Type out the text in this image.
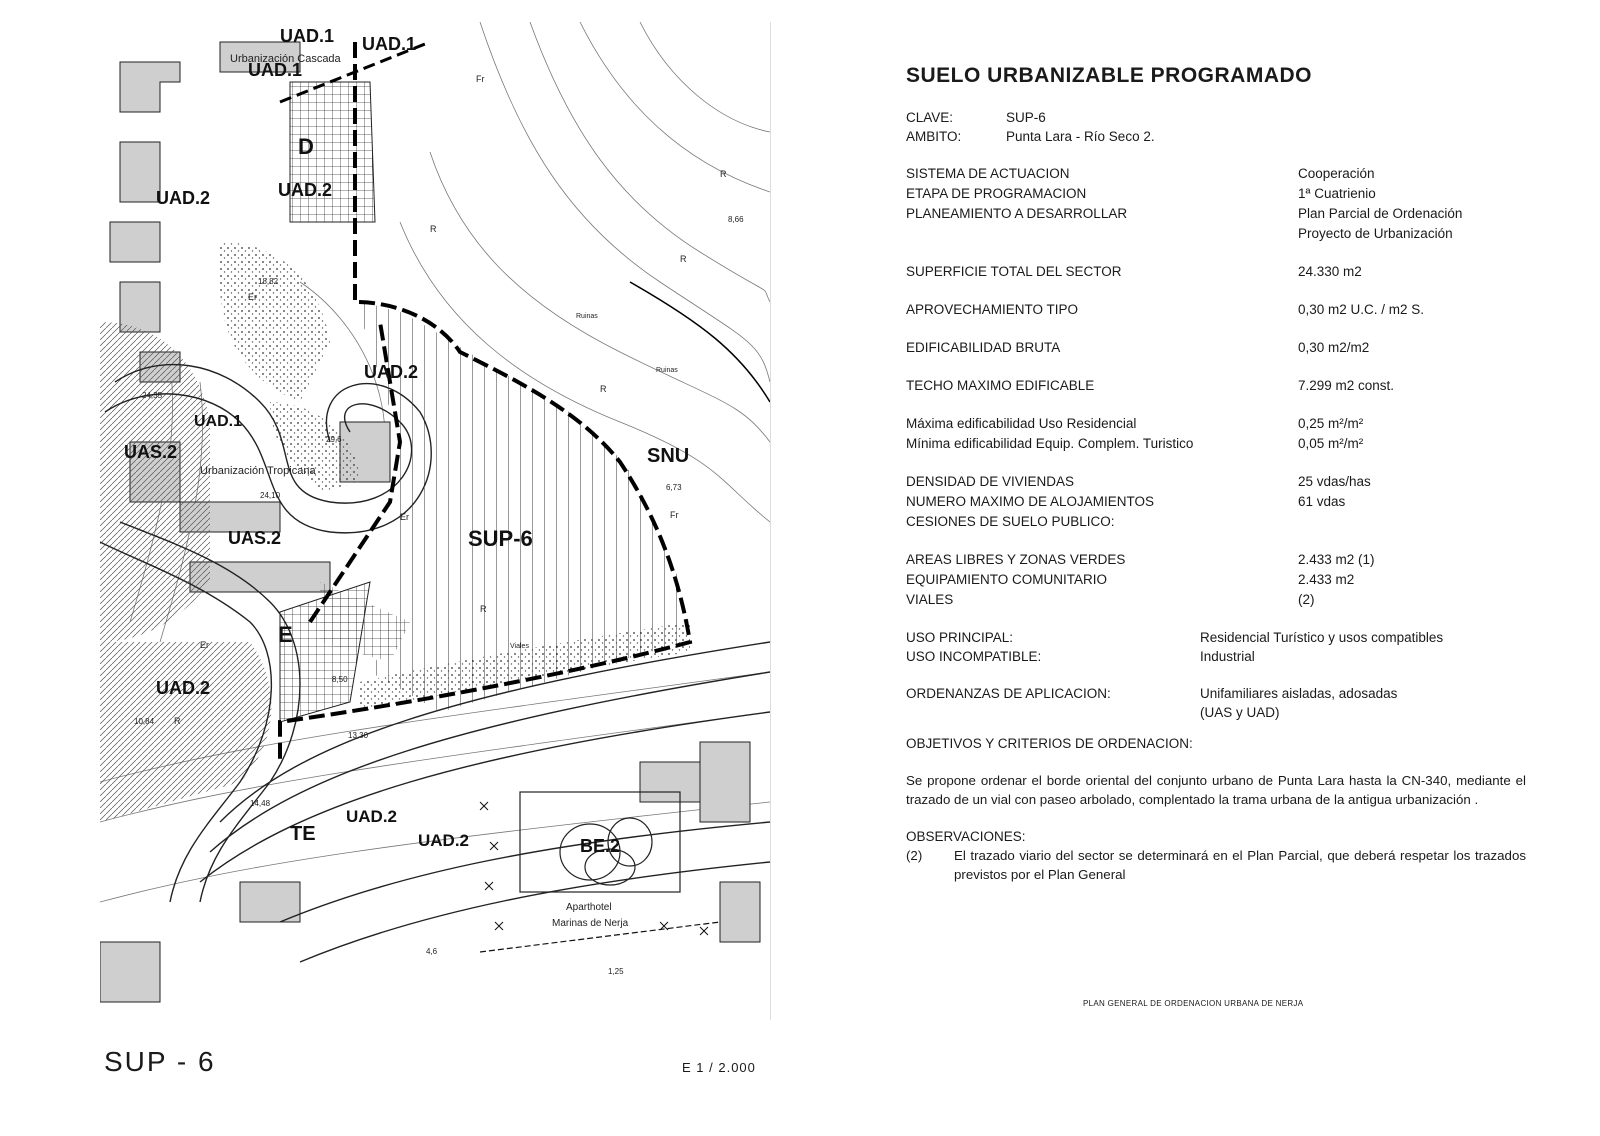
UAD.1 UAD.1
UAD.1
D
UAD.2	UAD.2
UAD.2
UAD.1
UAS.2
UAS.2	SUP-6
SNU
E
UAD.2
TE
UAD.2
UAD.2	BE.2
Urbanización Cascada
Urbanización Tropicana
Aparthotel
Marinas de Nerja
Ruinas
Ruinas
Viales
R
R
R
R
R
R
Fr
Fr
Er
Er
Er
24,35
29,6
24,10
18,82
8,66
6,73
8,50
10,84
13,30
14,48
1,25
4,6
SUP - 6	E 1 / 2.000
SUELO URBANIZABLE PROGRAMADO
CLAVE:	SUP-6
AMBITO:	Punta Lara - Río Seco 2.
SISTEMA DE ACTUACION	Cooperación
ETAPA DE PROGRAMACION	1ª Cuatrienio
PLANEAMIENTO A DESARROLLAR	Plan Parcial de Ordenación
Proyecto de Urbanización
SUPERFICIE TOTAL DEL SECTOR	24.330 m2
APROVECHAMIENTO TIPO	0,30 m2 U.C. / m2 S.
EDIFICABILIDAD BRUTA	0,30 m2/m2
TECHO MAXIMO EDIFICABLE	7.299 m2 const.
Máxima edificabilidad Uso Residencial	0,25 m²/m²
Mínima edificabilidad Equip. Complem. Turistico	0,05 m²/m²
DENSIDAD DE VIVIENDAS	25 vdas/has
NUMERO MAXIMO DE ALOJAMIENTOS	61 vdas
CESIONES DE SUELO PUBLICO:
AREAS LIBRES Y ZONAS VERDES	2.433 m2 (1)
EQUIPAMIENTO COMUNITARIO	2.433 m2
VIALES	(2)
USO PRINCIPAL:	Residencial Turístico y usos compatibles
USO INCOMPATIBLE:	Industrial
ORDENANZAS DE APLICACION:	Unifamiliares aisladas, adosadas
(UAS y UAD)
OBJETIVOS Y CRITERIOS DE ORDENACION:
Se propone ordenar el borde oriental del conjunto urbano de Punta Lara hasta la CN-340, mediante el trazado de un vial con paseo arbolado, complentado la trama urbana de la antigua urbanización .
OBSERVACIONES:
(2)	El trazado viario del sector se determinará en el Plan Parcial, que deberá respetar los trazados previstos por el Plan General
PLAN GENERAL DE ORDENACION URBANA DE NERJA
